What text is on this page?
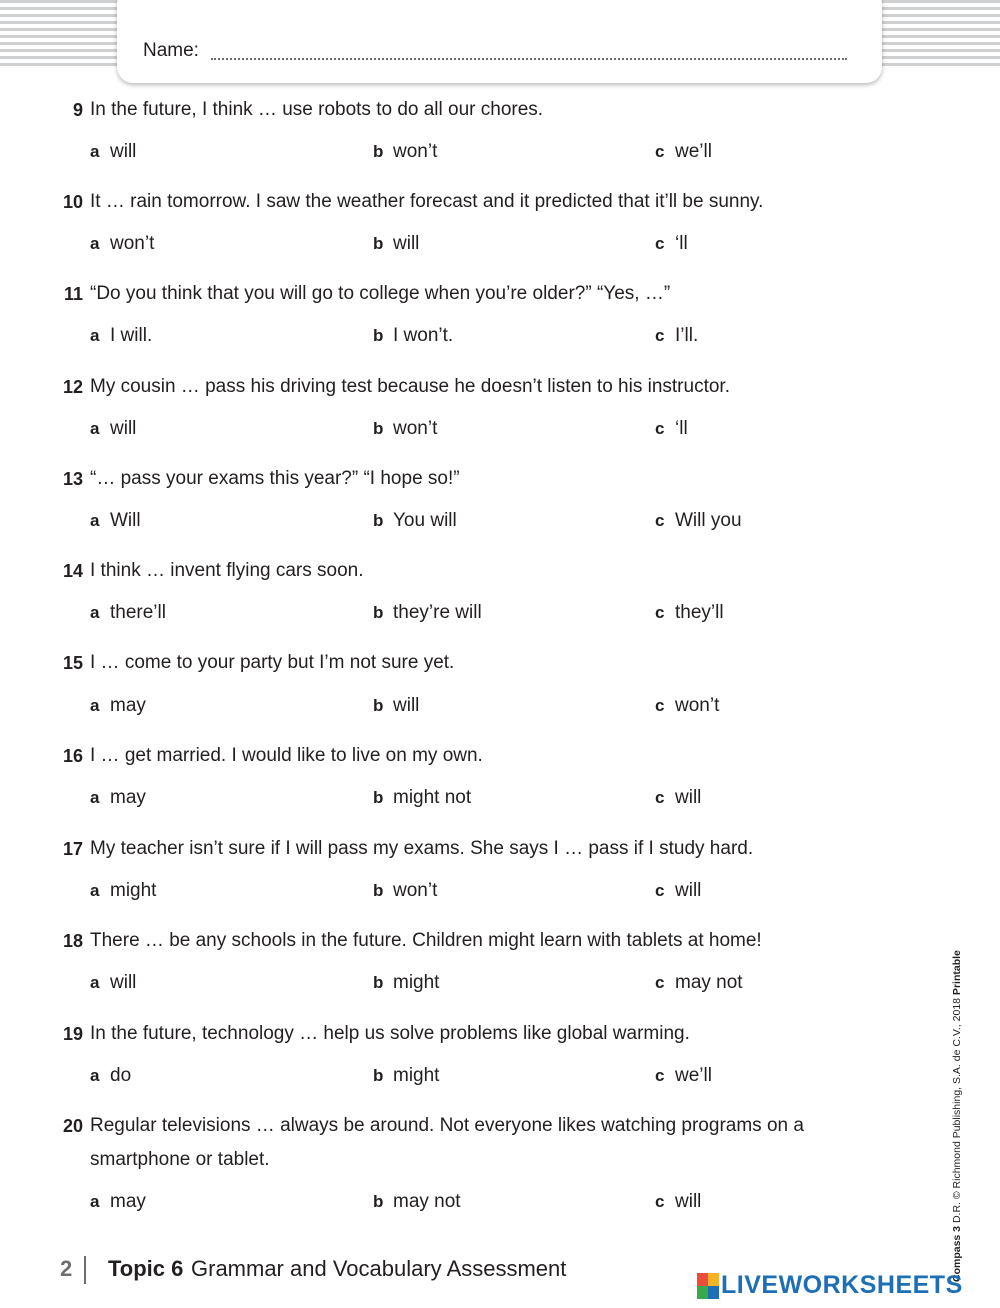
Name:
9 In the future, I think … use robots to do all our chores.
a will	b won’t	c we’ll
10 It … rain tomorrow. I saw the weather forecast and it predicted that it’ll be sunny.
a won’t	b will	c ‘ll
11 “Do you think that you will go to college when you’re older?” “Yes, …”
a I will.	b I won’t.	c I’ll.
12 My cousin … pass his driving test because he doesn’t listen to his instructor.
a will	b won’t	c ‘ll
13 “… pass your exams this year?” “I hope so!”
a Will	b You will	c Will you
14 I think … invent flying cars soon.
a there’ll	b they’re will	c they’ll
15 I … come to your party but I’m not sure yet.
a may	b will	c won’t
16 I … get married. I would like to live on my own.
a may	b might not	c will
17 My teacher isn’t sure if I will pass my exams. She says I … pass if I study hard.
a might	b won’t	c will
18 There … be any schools in the future. Children might learn with tablets at home!
a will	b might	c may not
19 In the future, technology … help us solve problems like global warming.
a do	b might	c we’ll
20 Regular televisions … always be around. Not everyone likes watching programs on a smartphone or tablet.
a may	b may not	c will
2 Topic 6 Grammar and Vocabulary Assessment	Compass 3 D.R. © Richmond Publishing, S.A. de C.V., 2018 Printable
LIVEWORKSHEETS
